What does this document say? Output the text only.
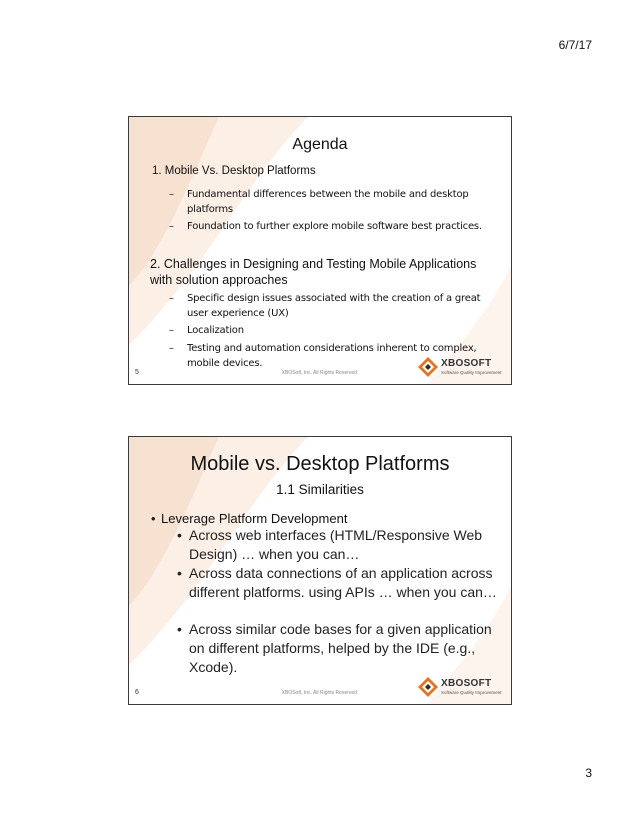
6/7/17
Agenda
1. Mobile Vs. Desktop Platforms
– Fundamental differences between the mobile and desktop platforms
– Foundation to further explore mobile software best practices.
2. Challenges in Designing and Testing Mobile Applications with solution approaches
– Specific design issues associated with the creation of a great user experience (UX)
– Localization
– Testing and automation considerations inherent to complex, mobile devices.
5	XBOSoft, Inc. All Rights Reserved.
XBOSOFT
Software Quality Improvement
Mobile vs. Desktop Platforms
1.1 Similarities
• Leverage Platform Development
• Across web interfaces (HTML/Responsive Web Design) … when you can…
• Across data connections of an application across different platforms. using APIs … when you can…
• Across similar code bases for a given application on different platforms, helped by the IDE (e.g., Xcode).
6	XBOSoft, Inc. All Rights Reserved.
XBOSOFT
Software Quality Improvement
3
